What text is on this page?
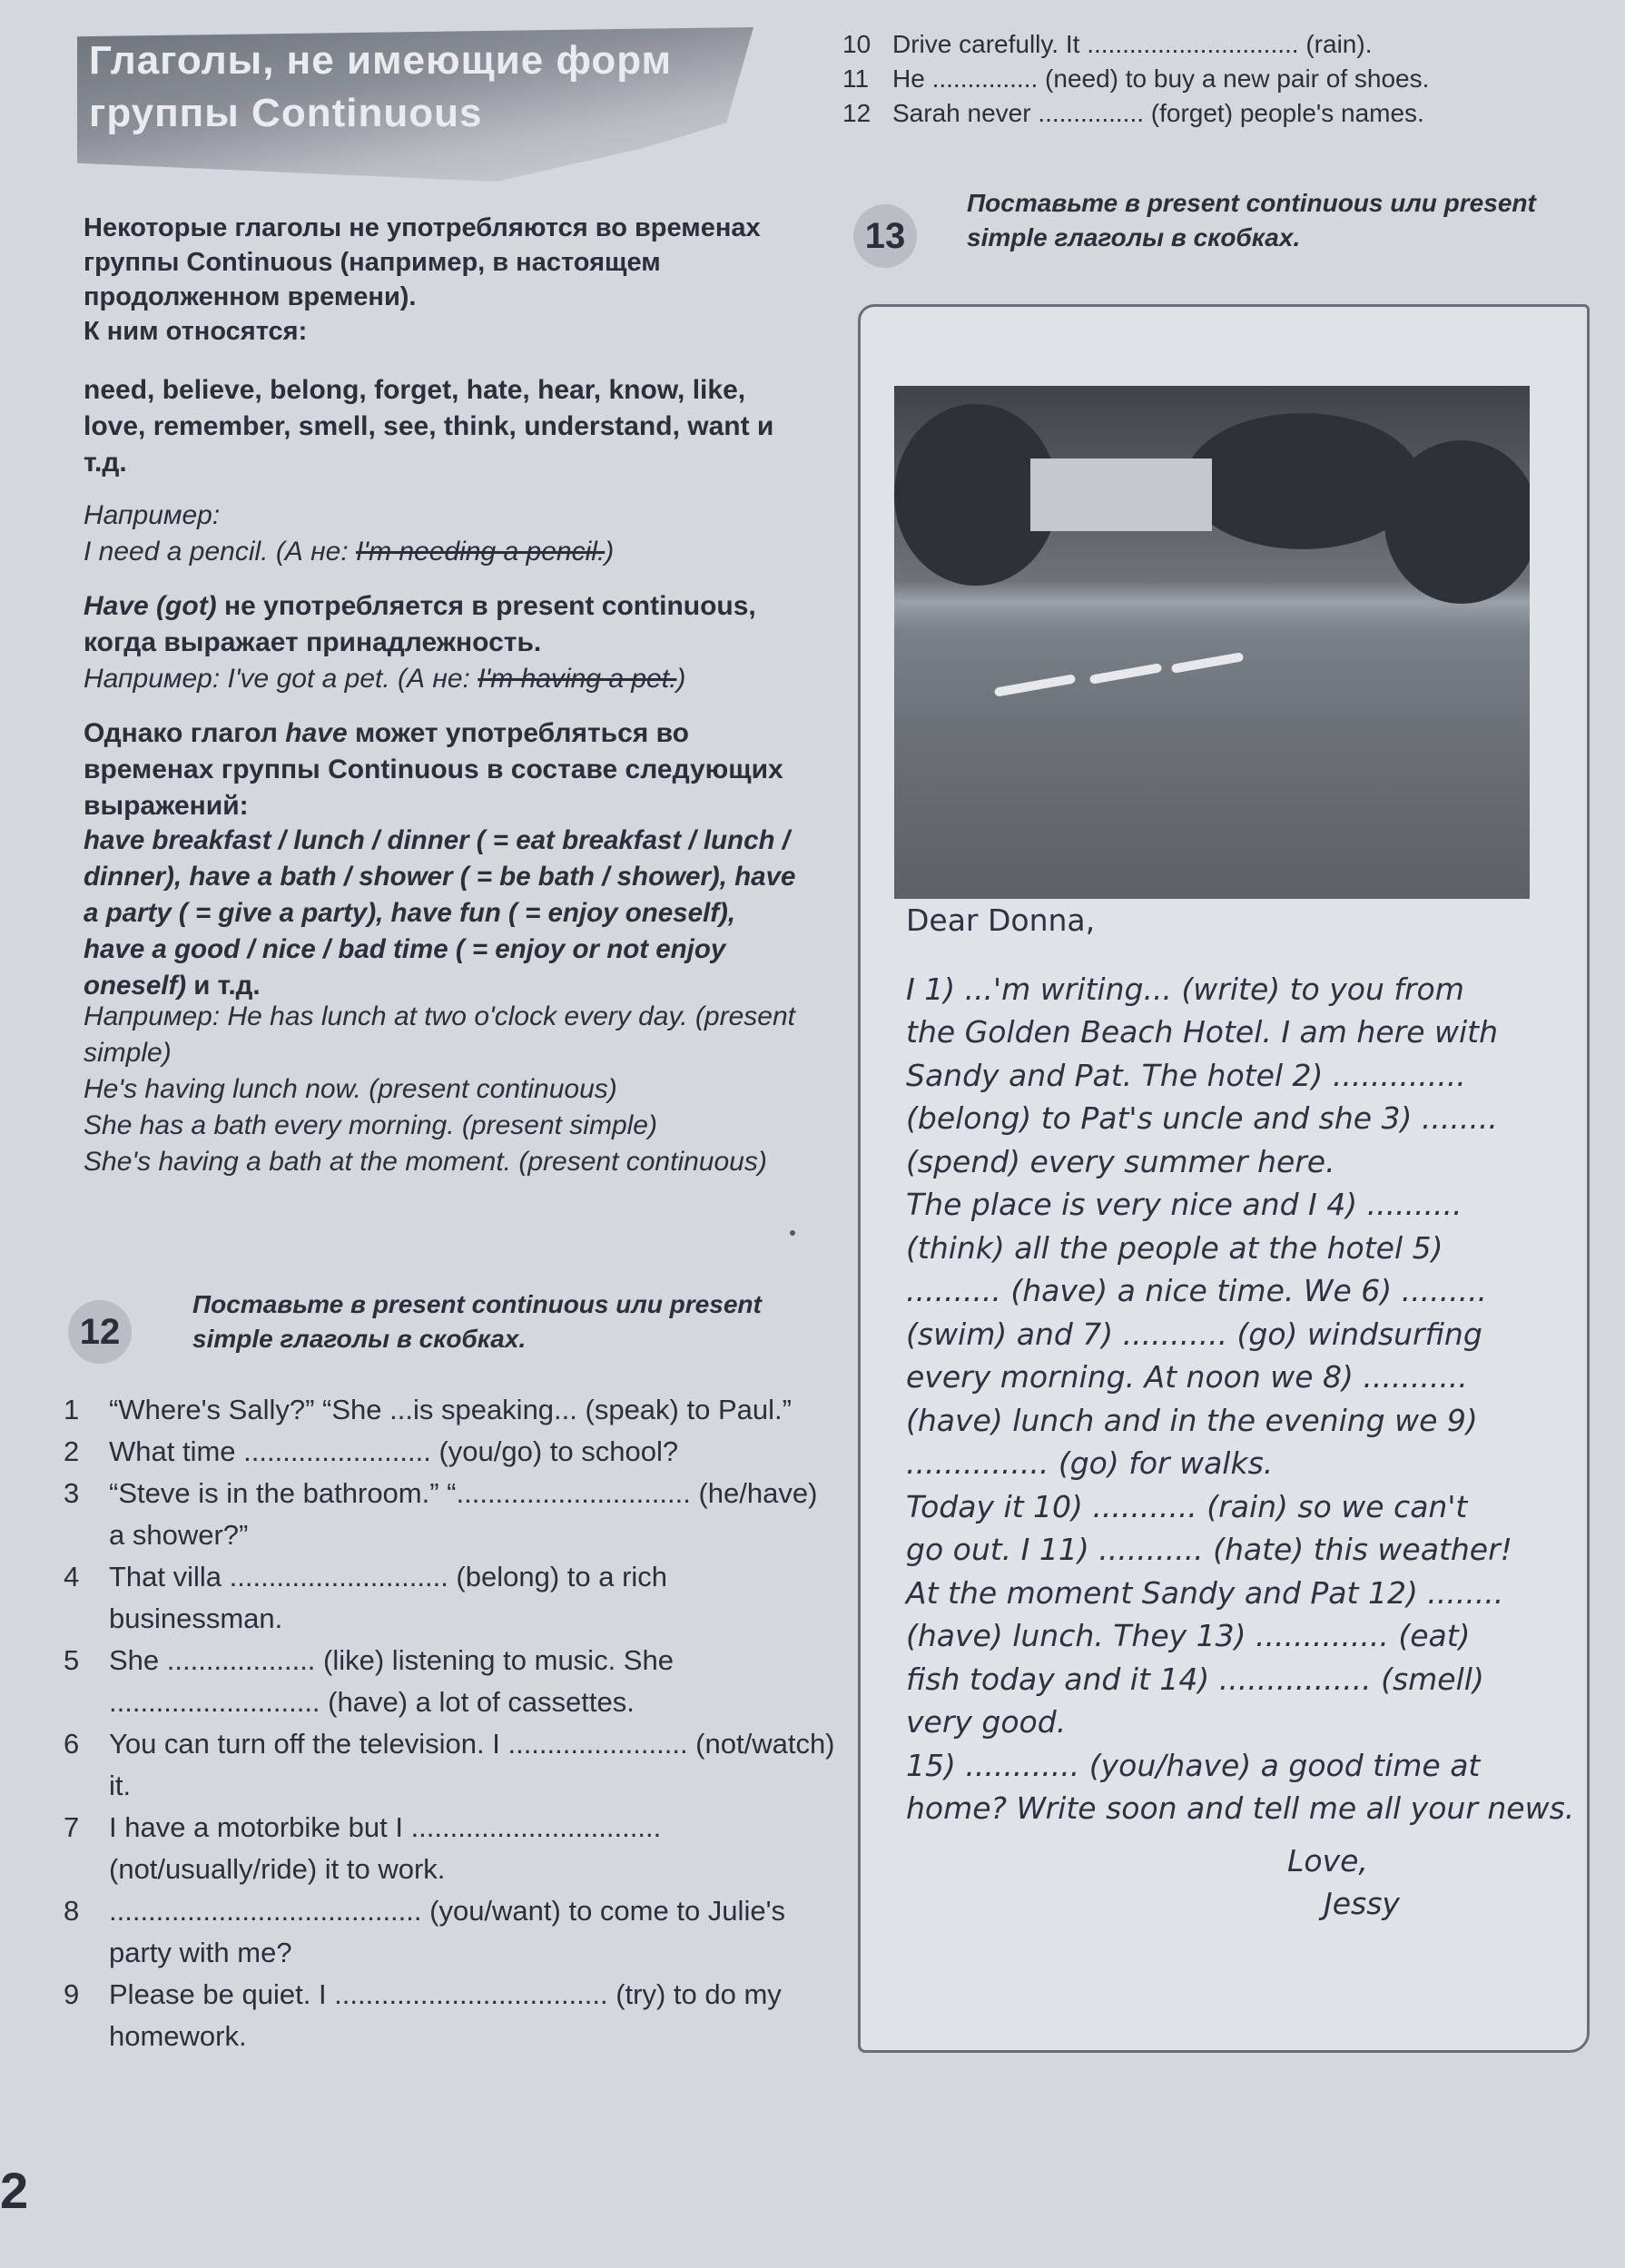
Глаголы, не имеющие форм
группы Continuous
Некоторые глаголы не употребляются во временах группы Continuous (например, в настоящем продолженном времени).
К ним относятся:
need, believe, belong, forget, hate, hear, know, like, love, remember, smell, see, think, understand, want и т.д.
Например:
I need a pencil. (А не: I'm needing a pencil.)
Have (got) не употребляется в present continuous, когда выражает принадлежность.
Например: I've got a pet. (А не: I'm having a pet.)
Однако глагол have может употребляться во временах группы Continuous в составе следующих выражений:
have breakfast / lunch / dinner ( = eat breakfast / lunch / dinner), have a bath / shower ( = be bath / shower), have a party ( = give a party), have fun ( = enjoy oneself), have a good / nice / bad time ( = enjoy or not enjoy oneself) и т.д.
Например: He has lunch at two o'clock every day. (present simple)
He's having lunch now. (present continuous)
She has a bath every morning. (present simple)
She's having a bath at the moment. (present continuous)
12
Поставьте в present continuous или present simple глаголы в скобках.
1	“Where's Sally?” “She ...is speaking... (speak) to Paul.”
2	What time ........................ (you/go) to school?
3	“Steve is in the bathroom.” “.............................. (he/have) a shower?”
4	That villa ............................ (belong) to a rich businessman.
5	She ................... (like) listening to music. She ........................... (have) a lot of cassettes.
6	You can turn off the television. I ....................... (not/watch) it.
7	I have a motorbike but I ................................ (not/usually/ride) it to work.
8	........................................ (you/want) to come to Julie's party with me?
9	Please be quiet. I ................................... (try) to do my homework.
10 Drive carefully. It .............................. (rain).
11 He ............... (need) to buy a new pair of shoes.
12 Sarah never ............... (forget) people's names.
13
Поставьте в present continuous или present simple глаголы в скобках.
Dear Donna,
I 1) ...'m writing... (write) to you from
the Golden Beach Hotel. I am here with
Sandy and Pat. The hotel 2) ..............
(belong) to Pat's uncle and she 3) ........
(spend) every summer here.
The place is very nice and I 4) ..........
(think) all the people at the hotel 5)
.......... (have) a nice time. We 6) .........
(swim) and 7) ........... (go) windsurfing
every morning. At noon we 8) ...........
(have) lunch and in the evening we 9)
............... (go) for walks.
Today it 10) ........... (rain) so we can't
go out. I 11) ........... (hate) this weather!
At the moment Sandy and Pat 12) ........
(have) lunch. They 13) .............. (eat)
fish today and it 14) ................ (smell)
very good.
15) ............ (you/have) a good time at
home? Write soon and tell me all your news.
Love,
Jessy
2
